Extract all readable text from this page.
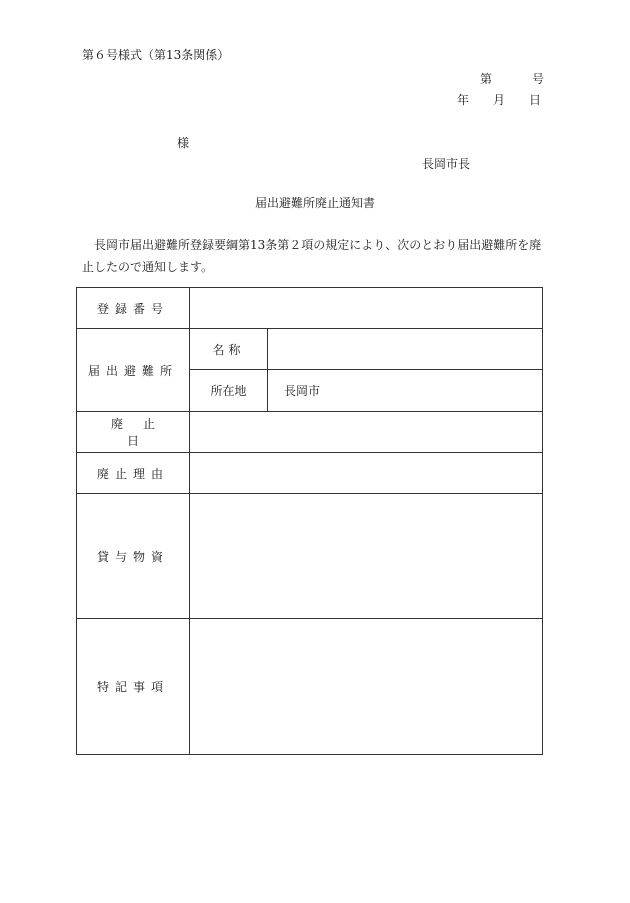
第６号様式（第13条関係）
第	号
年 月 日
様
長岡市長
届出避難所廃止通知書
長岡市届出避難所登録要綱第13条第２項の規定により、次のとおり届出避難所を廃止したので通知します。
登録番号		
届出避難所	名称	
	所在地	長岡市
廃止日		
廃止理由		
貸与物資		
特記事項		
